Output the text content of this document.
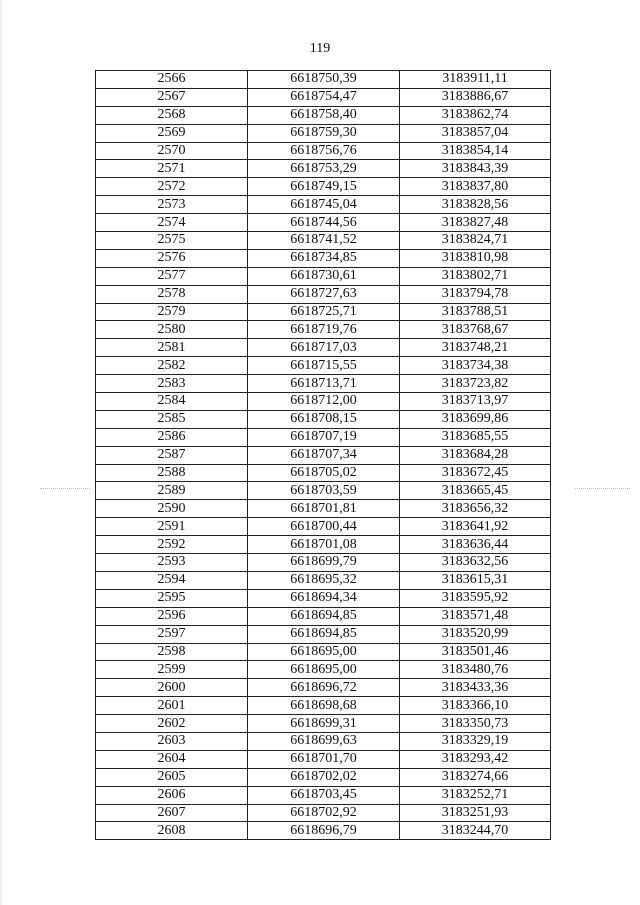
119
2566	6618750,39	3183911,11
2567	6618754,47	3183886,67
2568	6618758,40	3183862,74
2569	6618759,30	3183857,04
2570	6618756,76	3183854,14
2571	6618753,29	3183843,39
2572	6618749,15	3183837,80
2573	6618745,04	3183828,56
2574	6618744,56	3183827,48
2575	6618741,52	3183824,71
2576	6618734,85	3183810,98
2577	6618730,61	3183802,71
2578	6618727,63	3183794,78
2579	6618725,71	3183788,51
2580	6618719,76	3183768,67
2581	6618717,03	3183748,21
2582	6618715,55	3183734,38
2583	6618713,71	3183723,82
2584	6618712,00	3183713,97
2585	6618708,15	3183699,86
2586	6618707,19	3183685,55
2587	6618707,34	3183684,28
2588	6618705,02	3183672,45
2589	6618703,59	3183665,45
2590	6618701,81	3183656,32
2591	6618700,44	3183641,92
2592	6618701,08	3183636,44
2593	6618699,79	3183632,56
2594	6618695,32	3183615,31
2595	6618694,34	3183595,92
2596	6618694,85	3183571,48
2597	6618694,85	3183520,99
2598	6618695,00	3183501,46
2599	6618695,00	3183480,76
2600	6618696,72	3183433,36
2601	6618698,68	3183366,10
2602	6618699,31	3183350,73
2603	6618699,63	3183329,19
2604	6618701,70	3183293,42
2605	6618702,02	3183274,66
2606	6618703,45	3183252,71
2607	6618702,92	3183251,93
2608	6618696,79	3183244,70
